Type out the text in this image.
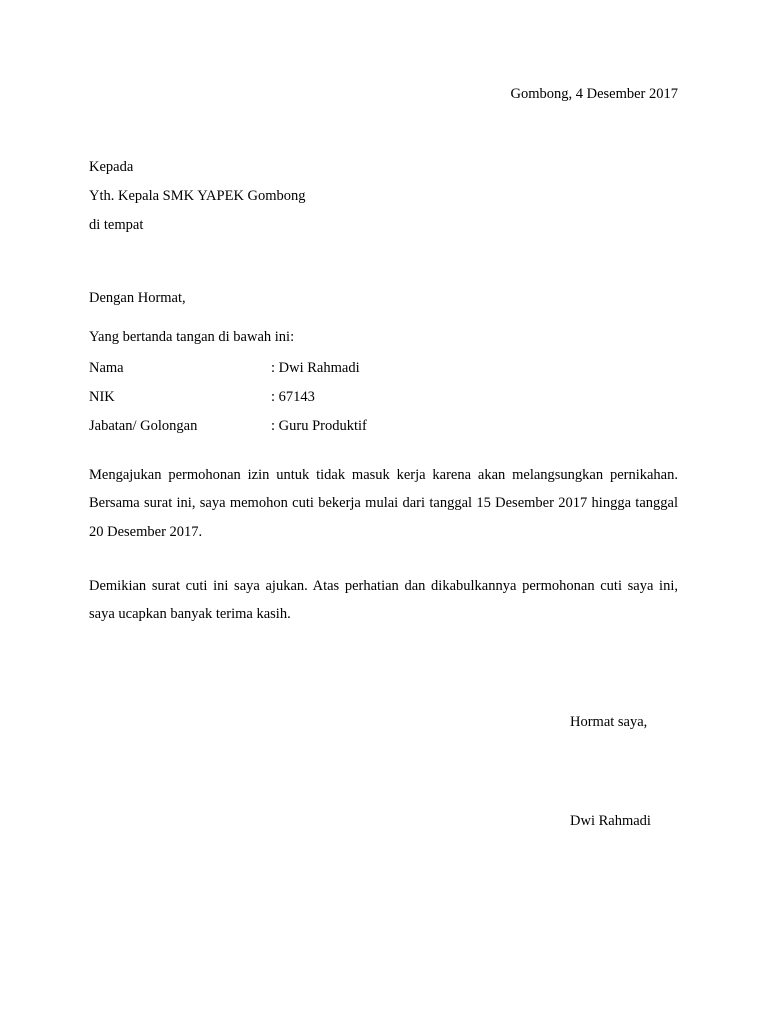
Gombong, 4 Desember 2017
Kepada
Yth. Kepala SMK YAPEK Gombong
di tempat
Dengan Hormat,
Yang bertanda tangan di bawah ini:
Nama	: Dwi Rahmadi
NIK	: 67143
Jabatan/ Golongan	: Guru Produktif
Mengajukan permohonan izin untuk tidak masuk kerja karena akan melangsungkan pernikahan. Bersama surat ini, saya memohon cuti bekerja mulai dari tanggal 15 Desember 2017 hingga tanggal 20 Desember 2017.
Demikian surat cuti ini saya ajukan. Atas perhatian dan dikabulkannya permohonan cuti saya ini, saya ucapkan banyak terima kasih.
Hormat saya,
Dwi Rahmadi
